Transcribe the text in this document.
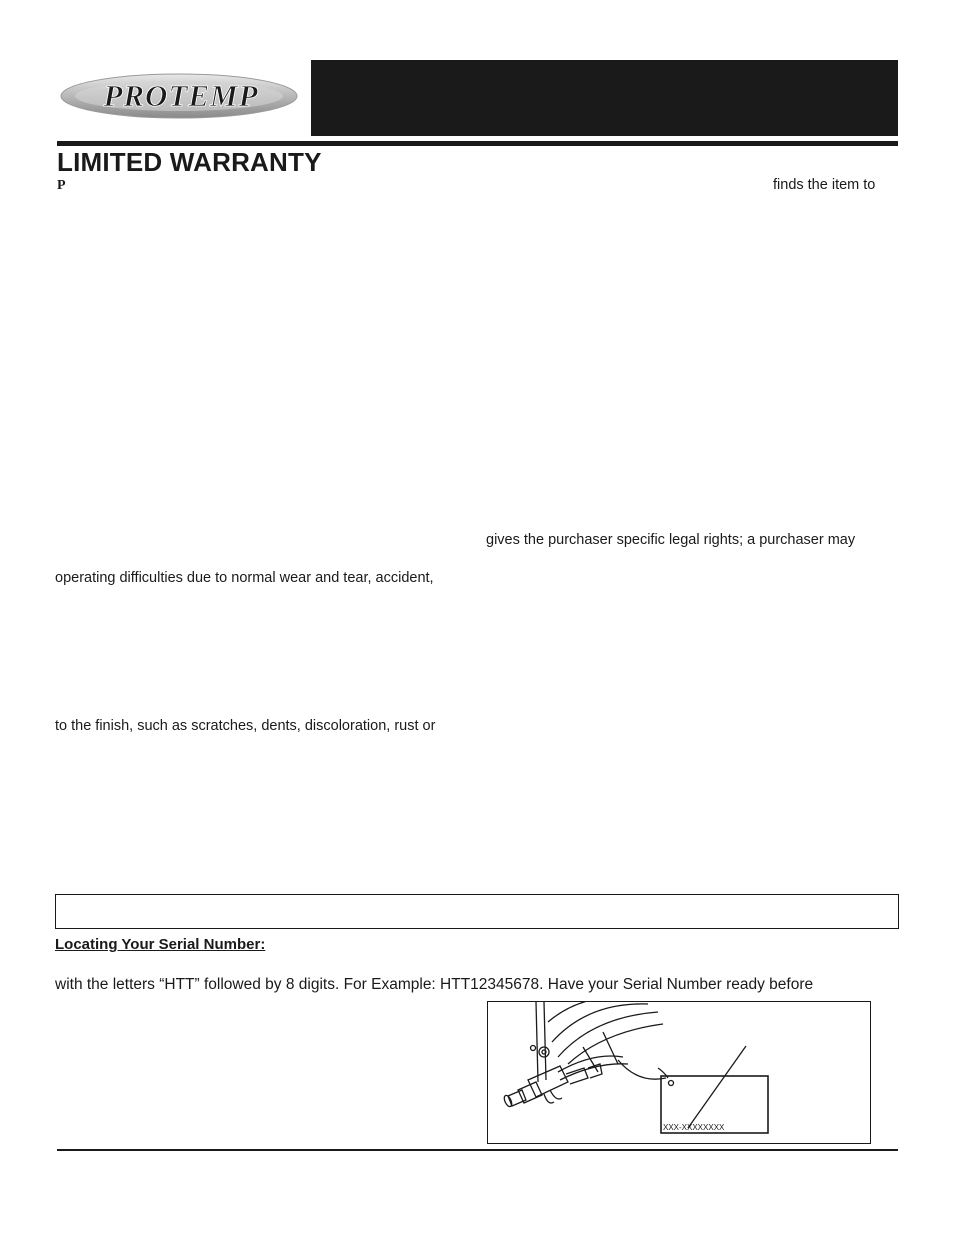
PROTEMP
LIMITED WARRANTY
P	finds the item to

gives the purchaser specific legal rights; a purchaser may

operating difficulties due to normal wear and tear, accident,

to the finish, such as scratches, dents, discoloration, rust or

Locating Your Serial Number:

with the letters “HTT” followed by 8 digits. For Example: HTT12345678. Have your Serial Number ready before

XXX-XXXXXXXX
